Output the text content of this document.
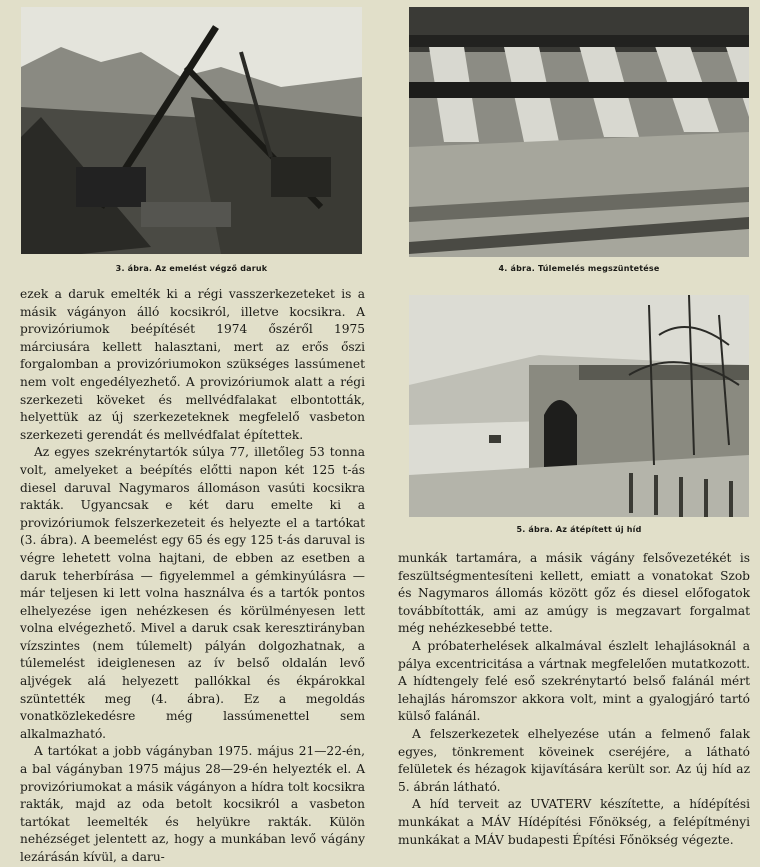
3. ábra. Az emelést végző daruk	4. ábra. Túlemelés megszüntetése
5. ábra. Az átépített új híd

ezek a daruk emelték ki a régi vasszerkezeteket is a másik vágányon álló kocsikról, illetve kocsikra. A provizóriumok beépítését 1974 őszéről 1975 márciusára kellett halasztani, mert az erős őszi forgalomban a provizóriumokon szükséges lassúmenet nem volt engedélyezhető. A provizóriumok alatt a régi szerkezeti köveket és mellvédfalakat elbontották, helyettük az új szerkezeteknek megfelelő vasbeton szerkezeti gerendát és mellvédfalat építettek.

Az egyes szekrénytartók súlya 77, illetőleg 53 tonna volt, amelyeket a beépítés előtti napon két 125 t-ás diesel daruval Nagymaros állomáson vasúti kocsikra rakták. Ugyancsak e két daru emelte ki a provizóriumok felszerkezeteit és helyezte el a tartókat (3. ábra). A beemelést egy 65 és egy 125 t-ás daruval is végre lehetett volna hajtani, de ebben az esetben a daruk teherbírása — figyelemmel a gémkinyúlásra — már teljesen ki lett volna használva és a tartók pontos elhelyezése igen nehézkesen és körülményesen lett volna elvégezhető. Mivel a daruk csak keresztirányban vízszintes (nem túlemelt) pályán dolgozhatnak, a túlemelést ideiglenesen az ív belső oldalán levő aljvégek alá helyezett pallókkal és ékpárokkal szüntették meg (4. ábra). Ez a megoldás vonatközlekedésre még lassúmenettel sem alkalmazható.

A tartókat a jobb vágányban 1975. május 21—22-én, a bal vágányban 1975 május 28—29-én helyezték el. A provizóriumokat a másik vágányon a hídra tolt kocsikra rakták, majd az oda betolt kocsikról a vasbeton tartókat leemelték és helyükre rakták. Külön nehézséget jelentett az, hogy a munkában levő vágány lezárásán kívül, a daru-

munkák tartamára, a másik vágány felsővezetékét is feszültségmentesíteni kellett, emiatt a vonatokat Szob és Nagymaros állomás között gőz és diesel előfogatok továbbították, ami az amúgy is megzavart forgalmat még nehézkesebbé tette.

A próbaterhelések alkalmával észlelt lehajlásoknál a pálya excentricitása a vártnak megfelelően mutatkozott. A hídtengely felé eső szekrénytartó belső falánál mért lehajlás háromszor akkora volt, mint a gyalogjáró tartó külső falánál.

A felszerkezetek elhelyezése után a felmenő falak egyes, tönkrement köveinek cseréjére, a látható felületek és hézagok kijavítására került sor. Az új híd az 5. ábrán látható.

A híd terveit az UVATERV készítette, a hídépítési munkákat a MÁV Hídépítési Főnökség, a felépítményi munkákat a MÁV budapesti Építési Főnökség végezte.
